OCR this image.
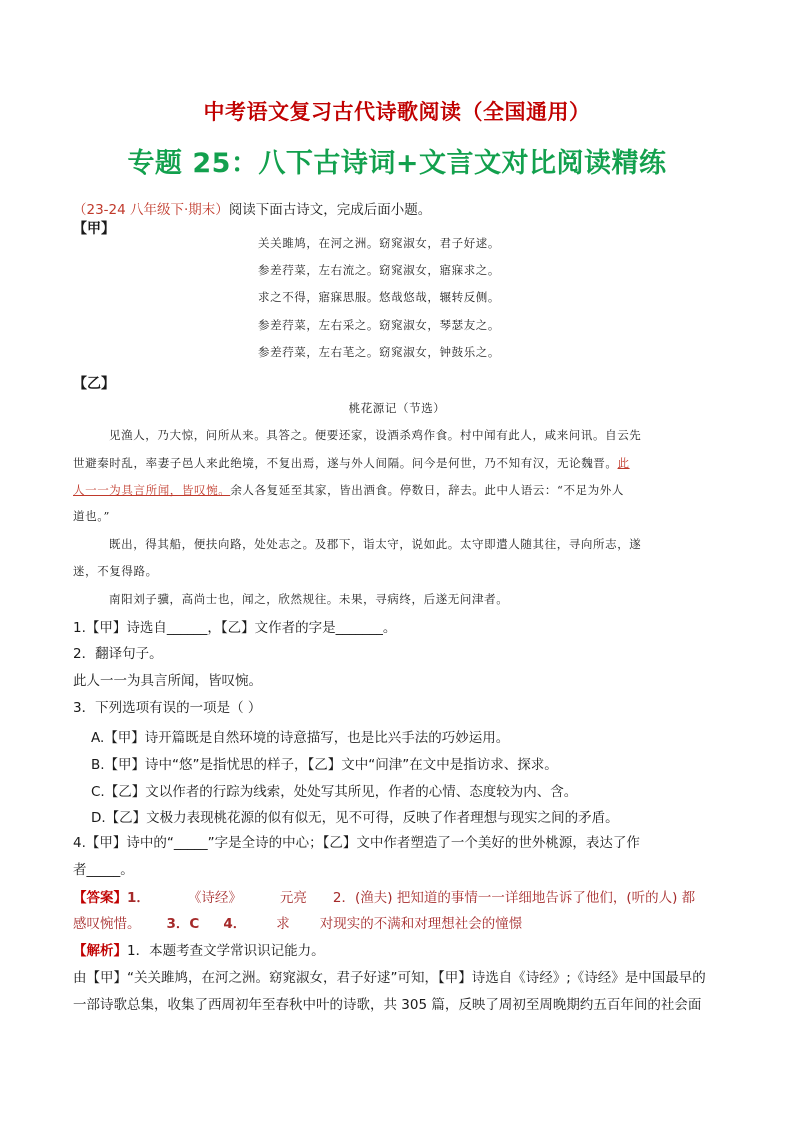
中考语文复习古代诗歌阅读（全国通用）
专题 25：八下古诗词+文言文对比阅读精练
（23-24 八年级下·期末）阅读下面古诗文，完成后面小题。
【甲】
关关雎鸠，在河之洲。窈窕淑女，君子好逑。
参差荇菜，左右流之。窈窕淑女，寤寐求之。
求之不得，寤寐思服。悠哉悠哉，辗转反侧。
参差荇菜，左右采之。窈窕淑女，琴瑟友之。
参差荇菜，左右芼之。窈窕淑女，钟鼓乐之。
【乙】
桃花源记（节选）
见渔人，乃大惊，问所从来。具答之。便要还家，设酒杀鸡作食。村中闻有此人，咸来问讯。自云先
世避秦时乱，率妻子邑人来此绝境，不复出焉，遂与外人间隔。问今是何世，乃不知有汉，无论魏晋。此
人一一为具言所闻，皆叹惋。余人各复延至其家，皆出酒食。停数日，辞去。此中人语云：“不足为外人
道也。”
既出，得其船，便扶向路，处处志之。及郡下，诣太守，说如此。太守即遣人随其往，寻向所志，遂
迷，不复得路。
南阳刘子骥，高尚士也，闻之，欣然规往。未果，寻病终，后遂无问津者。
1.【甲】诗选自______，【乙】文作者的字是_______。
2．翻译句子。
此人一一为具言所闻，皆叹惋。
3．下列选项有误的一项是（ ）
A.【甲】诗开篇既是自然环境的诗意描写，也是比兴手法的巧妙运用。
B.【甲】诗中“悠”是指忧思的样子，【乙】文中“问津”在文中是指访求、探求。
C.【乙】文以作者的行踪为线索，处处写其所见，作者的心情、态度较为内、含。
D.【乙】文极力表现桃花源的似有似无，见不可得，反映了作者理想与现实之间的矛盾。
4.【甲】诗中的“_____”字是全诗的中心；【乙】文中作者塑造了一个美好的世外桃源，表达了作
者_____。
【答案】1．	《诗经》	元亮 2．(渔夫) 把知道的事情一一详细地告诉了他们，(听的人) 都
感叹惋惜。 3．C 4． 求 对现实的不满和对理想社会的憧憬
【解析】1．本题考查文学常识识记能力。
由【甲】“关关雎鸠，在河之洲。窈窕淑女，君子好逑”可知，【甲】诗选自《诗经》;《诗经》是中国最早的
一部诗歌总集，收集了西周初年至春秋中叶的诗歌，共 305 篇，反映了周初至周晚期约五百年间的社会面
